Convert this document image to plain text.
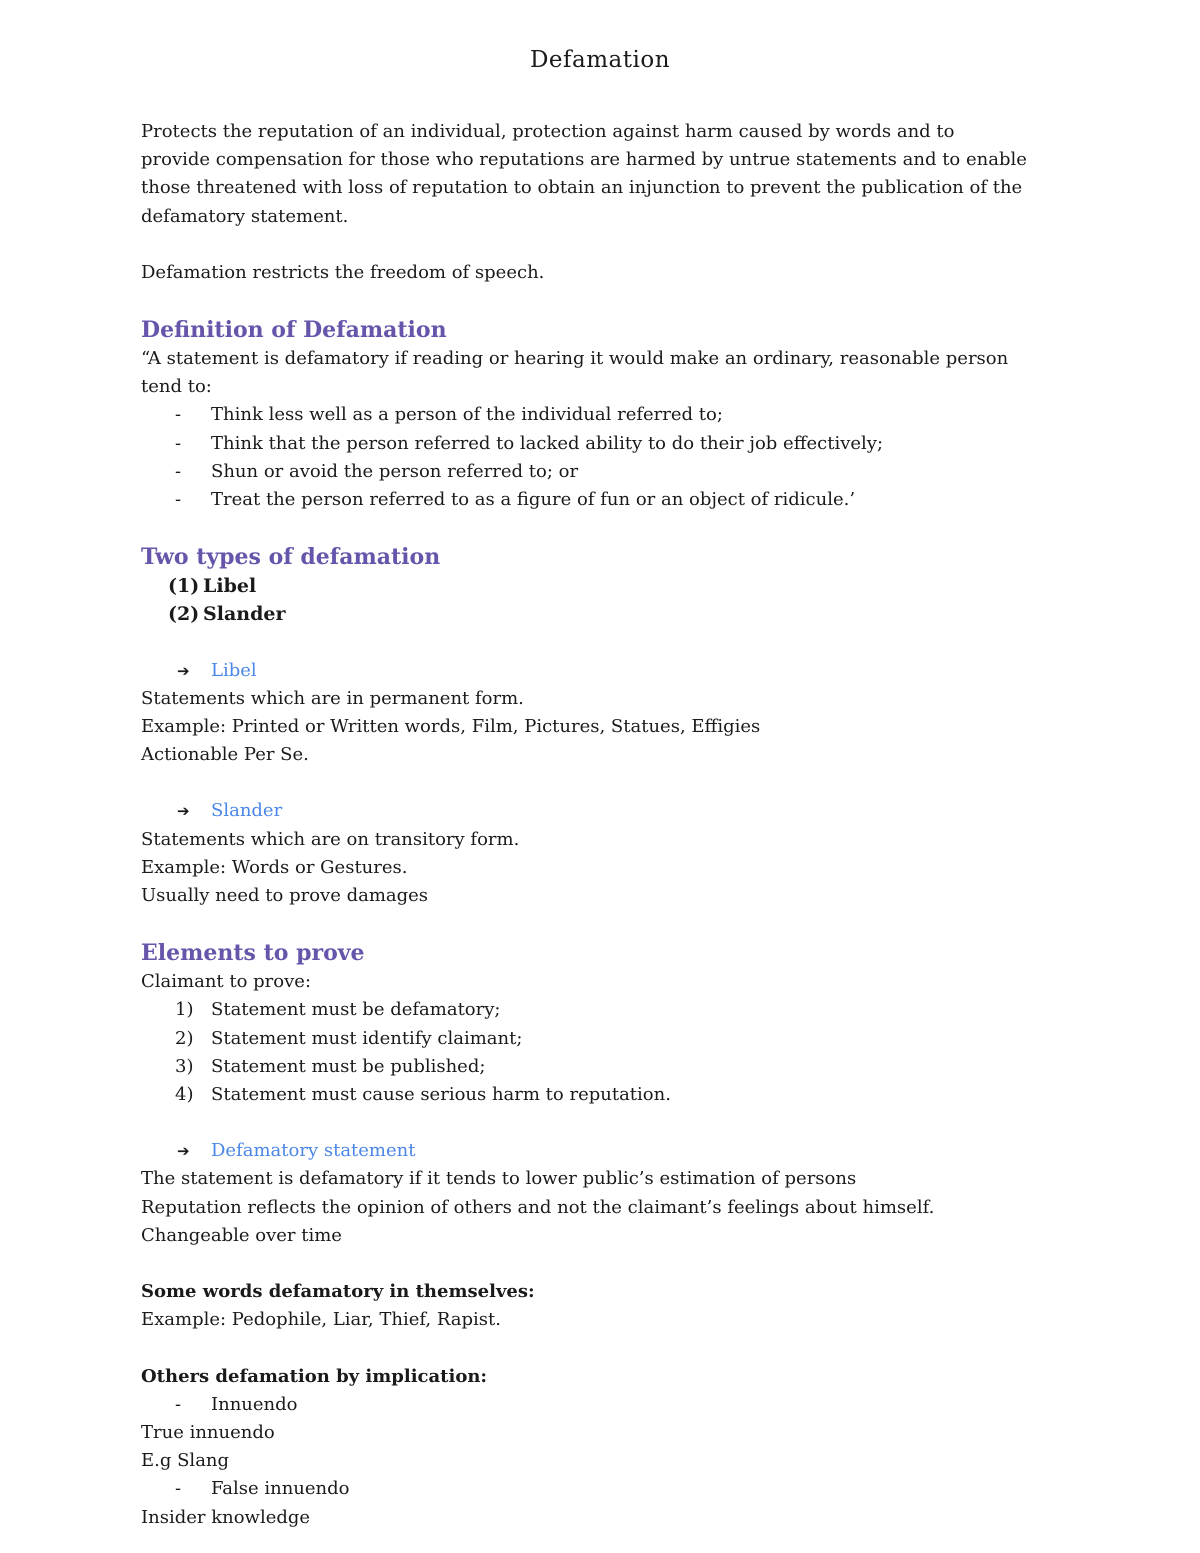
Defamation

Protects the reputation of an individual, protection against harm caused by words and to

provide compensation for those who reputations are harmed by untrue statements and to enable

those threatened with loss of reputation to obtain an injunction to prevent the publication of the

defamatory statement.

Defamation restricts the freedom of speech.

Definition of Defamation

“A statement is defamatory if reading or hearing it would make an ordinary, reasonable person

tend to:

- Think less well as a person of the individual referred to;
- Think that the person referred to lacked ability to do their job effectively;
- Shun or avoid the person referred to; or
- Treat the person referred to as a figure of fun or an object of ridicule.’

Two types of defamation

(1) Libel
(2) Slander
➔ Libel

Statements which are in permanent form.

Example: Printed or Written words, Film, Pictures, Statues, Effigies

Actionable Per Se.

➔ Slander

Statements which are on transitory form.

Example: Words or Gestures.

Usually need to prove damages

Elements to prove

Claimant to prove:

1) Statement must be defamatory;
2) Statement must identify claimant;
3) Statement must be published;
4) Statement must cause serious harm to reputation.
➔ Defamatory statement

The statement is defamatory if it tends to lower public’s estimation of persons

Reputation reflects the opinion of others and not the claimant’s feelings about himself.

Changeable over time

Some words defamatory in themselves:

Example: Pedophile, Liar, Thief, Rapist.

Others defamation by implication:

- Innuendo

True innuendo

E.g Slang

- False innuendo

Insider knowledge
